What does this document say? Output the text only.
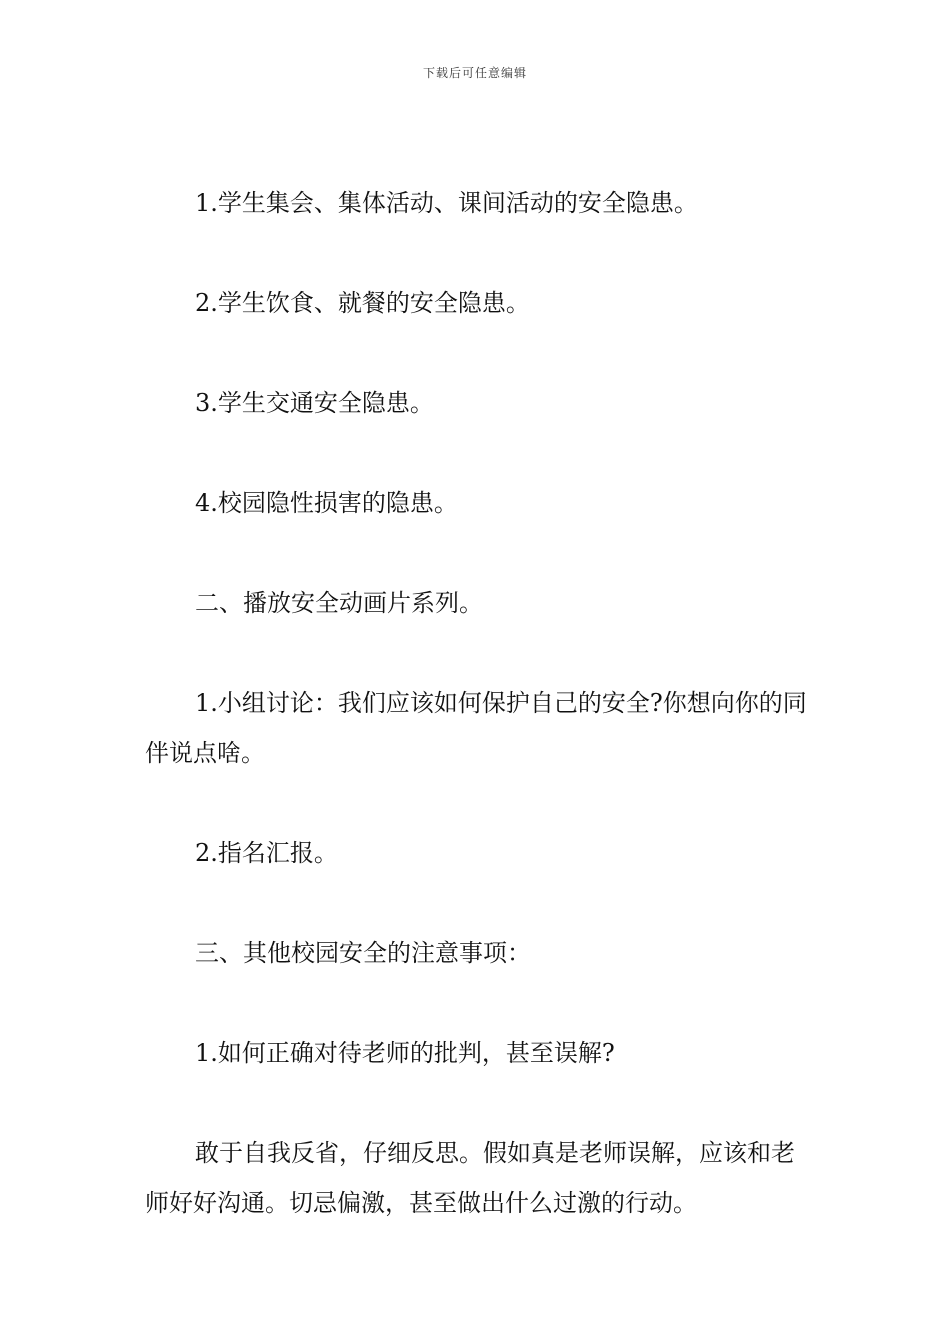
下载后可任意编辑

1.学生集会、集体活动、课间活动的安全隐患。

2.学生饮食、就餐的安全隐患。

3.学生交通安全隐患。

4.校园隐性损害的隐患。

二、播放安全动画片系列。

1.小组讨论：我们应该如何保护自己的安全?你想向你的同伴说点啥。

2.指名汇报。

三、其他校园安全的注意事项：

1.如何正确对待老师的批判，甚至误解?

敢于自我反省，仔细反思。假如真是老师误解，应该和老师好好沟通。切忌偏激，甚至做出什么过激的行动。
